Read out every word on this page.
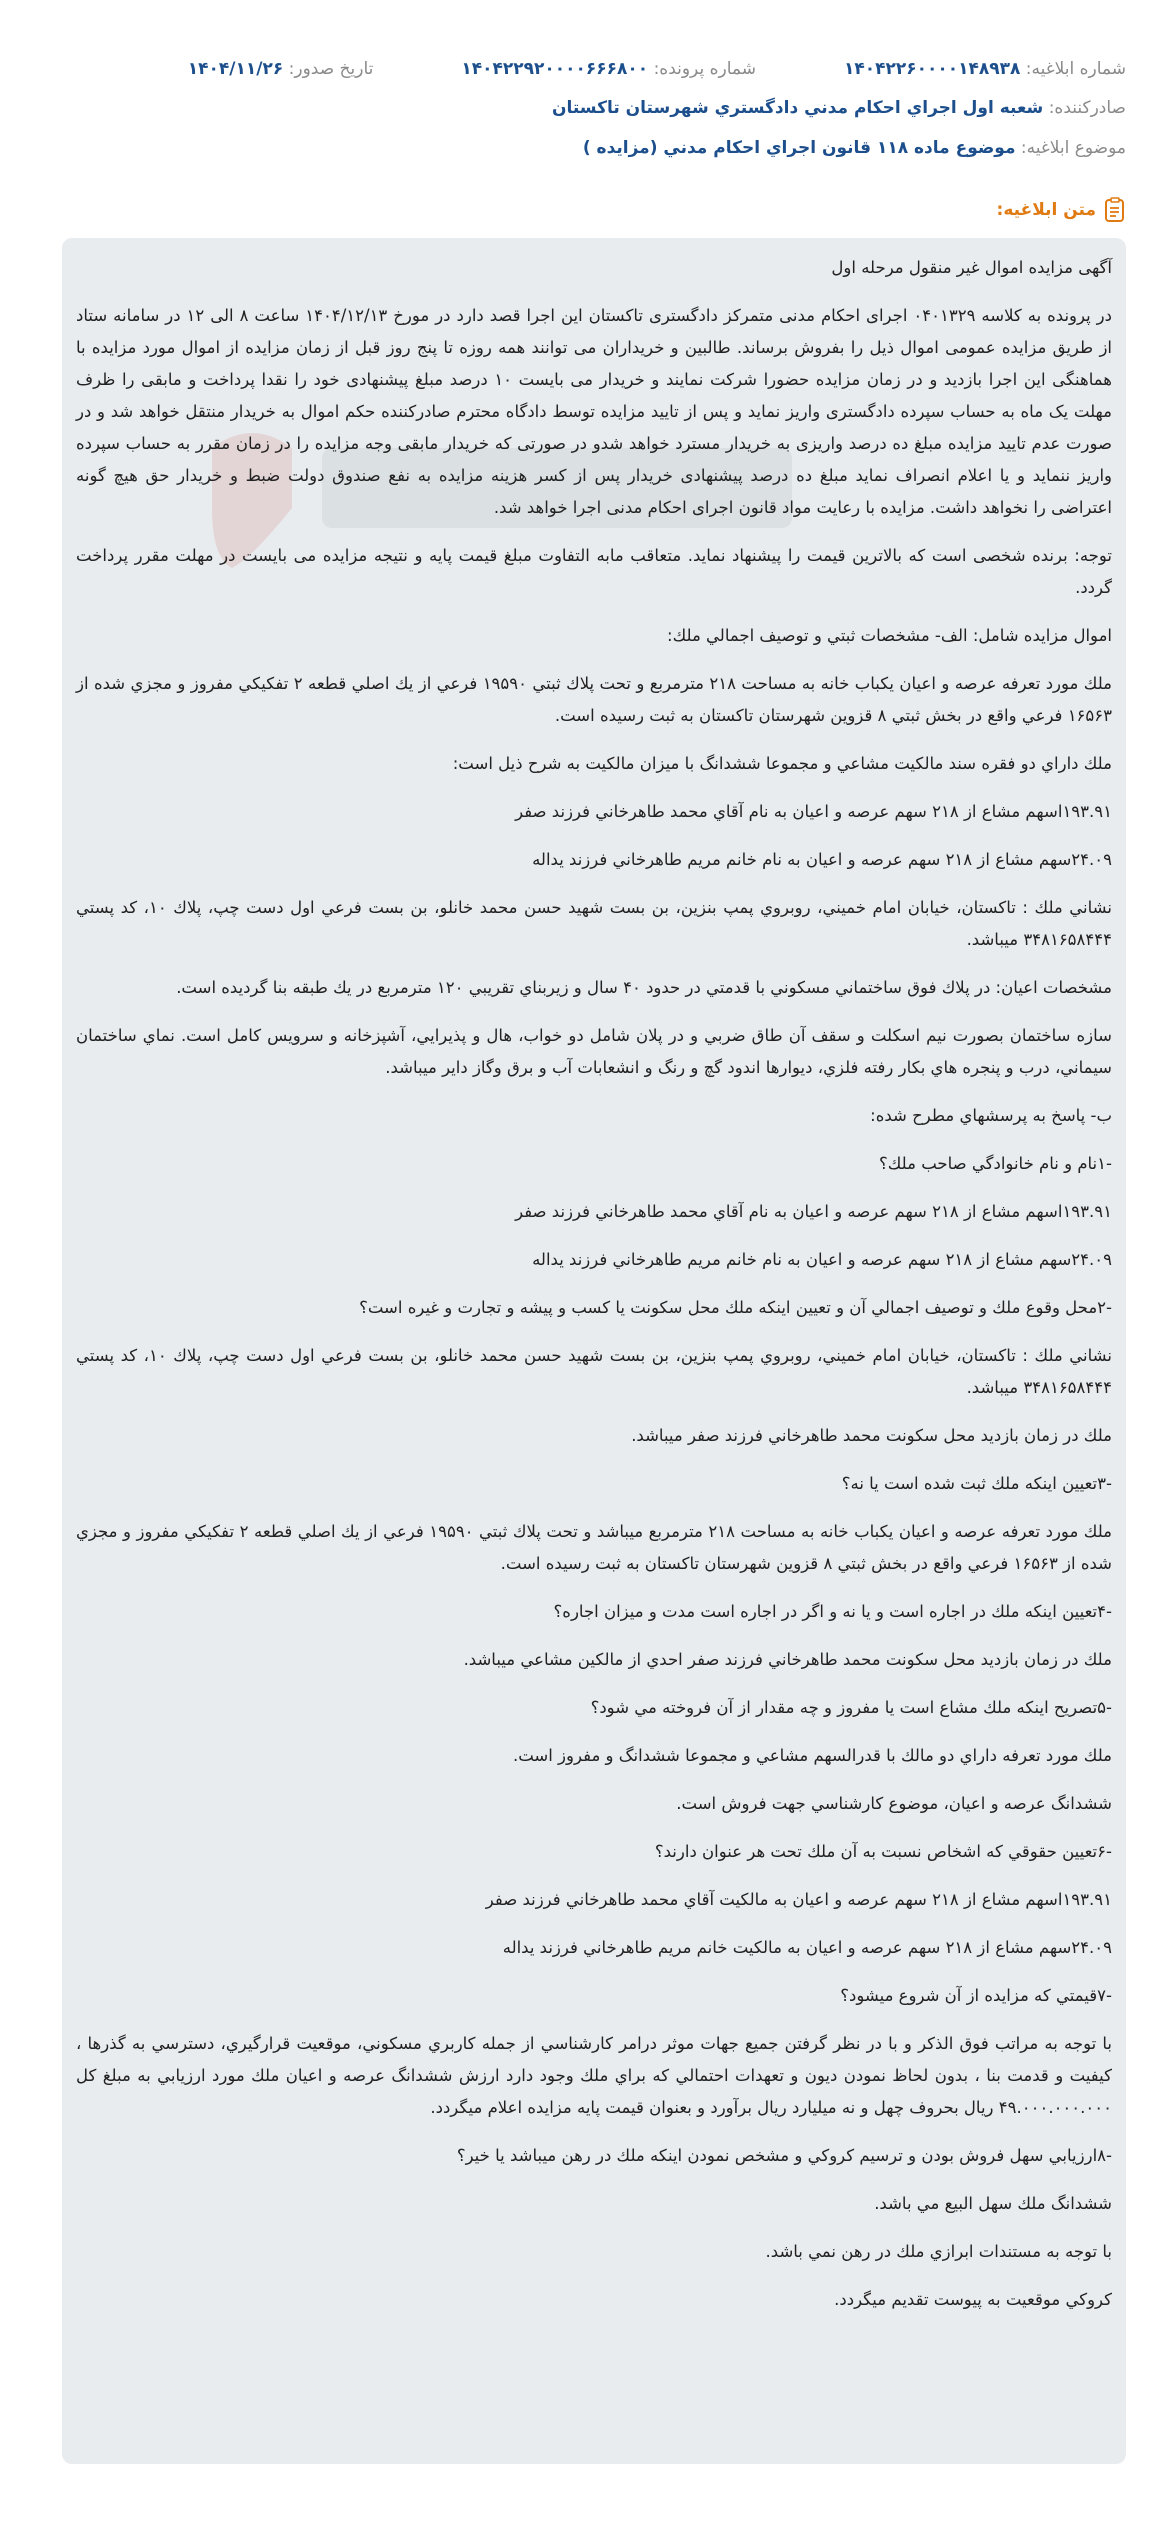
شماره ابلاغیه: ۱۴۰۴۲۲۶۰۰۰۰۱۴۸۹۳۸
شماره پرونده: ۱۴۰۴۲۲۹۲۰۰۰۰۶۶۶۸۰۰
تاریخ صدور: ۱۴۰۴/۱۱/۲۶
صادرکننده: شعبه اول اجراي احكام مدني دادگستري شهرستان تاكستان
موضوع ابلاغیه: موضوع ماده ۱۱۸ قانون اجراي احكام مدني (مزايده )
متن ابلاغیه:

آگهی مزایده اموال غیر منقول مرحله اول

در پرونده به کلاسه ۰۴۰۱۳۲۹ اجرای احکام مدنی متمرکز دادگستری تاکستان این اجرا قصد دارد در مورخ ۱۴۰۴/۱۲/۱۳ ساعت ۸ الی ۱۲ در سامانه ستاد از طریق مزایده عمومی اموال ذیل را بفروش برساند. طالبین و خریداران می توانند همه روزه تا پنج روز قبل از زمان مزایده از اموال مورد مزایده با هماهنگی این اجرا بازدید و در زمان مزایده حضورا شرکت نمایند و خریدار می بایست ۱۰ درصد مبلغ پیشنهادی خود را نقدا پرداخت و مابقی را ظرف مهلت یک ماه به حساب سپرده دادگستری واریز نماید و پس از تایید مزایده توسط دادگاه محترم صادرکننده حکم اموال به خریدار منتقل خواهد شد و در صورت عدم تایید مزایده مبلغ ده درصد واریزی به خریدار مسترد خواهد شدو در صورتی که خریدار مابقی وجه مزایده را در زمان مقرر به حساب سپرده واریز ننماید و یا اعلام انصراف نماید مبلغ ده درصد پیشنهادی خریدار پس از کسر هزینه مزایده به نفع صندوق دولت ضبط و خریدار حق هیچ گونه اعتراضی را نخواهد داشت. مزایده با رعایت مواد قانون اجرای احکام مدنی اجرا خواهد شد.

توجه: برنده شخصی است که بالاترین قیمت را پیشنهاد نماید. متعاقب مابه التفاوت مبلغ قیمت پایه و نتیجه مزایده می بایست در مهلت مقرر پرداخت گردد.

اموال مزايده شامل: الف- مشخصات ثبتي و توصيف اجمالي ملك:

ملك مورد تعرفه عرصه و اعيان يكباب خانه به مساحت ۲۱۸ مترمربع و تحت پلاك ثبتي ۱۹۵۹۰ فرعي از يك اصلي قطعه ۲ تفكيكي مفروز و مجزي شده از ۱۶۵۶۳ فرعي واقع در بخش ثبتي ۸ قزوين شهرستان تاكستان به ثبت رسيده است.

ملك داراي دو فقره سند مالكيت مشاعي و مجموعا ششدانگ با ميزان مالكيت به شرح ذيل است:

۱۹۳.۹۱اسهم مشاع از ۲۱۸ سهم عرصه و اعيان به نام آقاي محمد طاهرخاني فرزند صفر

۲۴.۰۹سهم مشاع از ۲۱۸ سهم عرصه و اعيان به نام خانم مريم طاهرخاني فرزند يداله

نشاني ملك : تاكستان، خيابان امام خميني، روبروي پمپ بنزين، بن بست شهيد حسن محمد خانلو، بن بست فرعي اول دست چپ، پلاك ۱۰، كد پستي ۳۴۸۱۶۵۸۴۴۴ ميباشد.

مشخصات اعيان: در پلاك فوق ساختماني مسكوني با قدمتي در حدود ۴۰ سال و زيربناي تقريبي ۱۲۰ مترمربع در يك طبقه بنا گرديده است.

سازه ساختمان بصورت نيم اسكلت و سقف آن طاق ضربي و در پلان شامل دو خواب، هال و پذيرايي، آشپزخانه و سرويس كامل است. نماي ساختمان سيماني، درب و پنجره هاي بكار رفته فلزي، ديوارها اندود گچ و رنگ و انشعابات آب و برق وگاز داير ميباشد.

ب- پاسخ به پرسشهاي مطرح شده:

-۱نام و نام خانوادگي صاحب ملك؟

۱۹۳.۹۱اسهم مشاع از ۲۱۸ سهم عرصه و اعيان به نام آقاي محمد طاهرخاني فرزند صفر

۲۴.۰۹سهم مشاع از ۲۱۸ سهم عرصه و اعيان به نام خانم مريم طاهرخاني فرزند يداله

-۲محل وقوع ملك و توصيف اجمالي آن و تعيين اينكه ملك محل سكونت يا كسب و پيشه و تجارت و غيره است؟

نشاني ملك : تاكستان، خيابان امام خميني، روبروي پمپ بنزين، بن بست شهيد حسن محمد خانلو، بن بست فرعي اول دست چپ، پلاك ۱۰، كد پستي ۳۴۸۱۶۵۸۴۴۴ ميباشد.

ملك در زمان بازديد محل سكونت محمد طاهرخاني فرزند صفر ميباشد.

-۳تعيين اينكه ملك ثبت شده است يا نه؟

ملك مورد تعرفه عرصه و اعيان يكباب خانه به مساحت ۲۱۸ مترمربع ميباشد و تحت پلاك ثبتي ۱۹۵۹۰ فرعي از يك اصلي قطعه ۲ تفكيكي مفروز و مجزي شده از ۱۶۵۶۳ فرعي واقع در بخش ثبتي ۸ قزوين شهرستان تاكستان به ثبت رسيده است.

-۴تعيين اينكه ملك در اجاره است و يا نه و اگر در اجاره است مدت و ميزان اجاره؟

ملك در زمان بازديد محل سكونت محمد طاهرخاني فرزند صفر احدي از مالكين مشاعي ميباشد.

-۵تصريح اينكه ملك مشاع است يا مفروز و چه مقدار از آن فروخته مي شود؟

ملك مورد تعرفه داراي دو مالك با قدرالسهم مشاعي و مجموعا ششدانگ و مفروز است.

ششدانگ عرصه و اعيان، موضوع كارشناسي جهت فروش است.

-۶تعيين حقوقي كه اشخاص نسبت به آن ملك تحت هر عنوان دارند؟

۱۹۳.۹۱اسهم مشاع از ۲۱۸ سهم عرصه و اعيان به مالكيت آقاي محمد طاهرخاني فرزند صفر

۲۴.۰۹سهم مشاع از ۲۱۸ سهم عرصه و اعيان به مالكيت خانم مريم طاهرخاني فرزند يداله

-۷قيمتي كه مزايده از آن شروع ميشود؟

با توجه به مراتب فوق الذكر و با در نظر گرفتن جميع جهات موثر درامر كارشناسي از جمله كاربري مسكوني، موقعيت قرارگيري، دسترسي به گذرها ، كيفيت و قدمت بنا ، بدون لحاظ نمودن ديون و تعهدات احتمالي كه براي ملك وجود دارد ارزش ششدانگ عرصه و اعيان ملك مورد ارزيابي به مبلغ كل ۴۹.۰۰۰.۰۰۰.۰۰۰ ريال بحروف چهل و نه ميليارد ريال برآورد و بعنوان قيمت پايه مزايده اعلام ميگردد.

-۸ارزيابي سهل فروش بودن و ترسيم كروكي و مشخص نمودن اينكه ملك در رهن ميباشد يا خير؟

ششدانگ ملك سهل البيع مي باشد.

با توجه به مستندات ابرازي ملك در رهن نمي باشد.

كروكي موقعيت به پيوست تقديم ميگردد.
